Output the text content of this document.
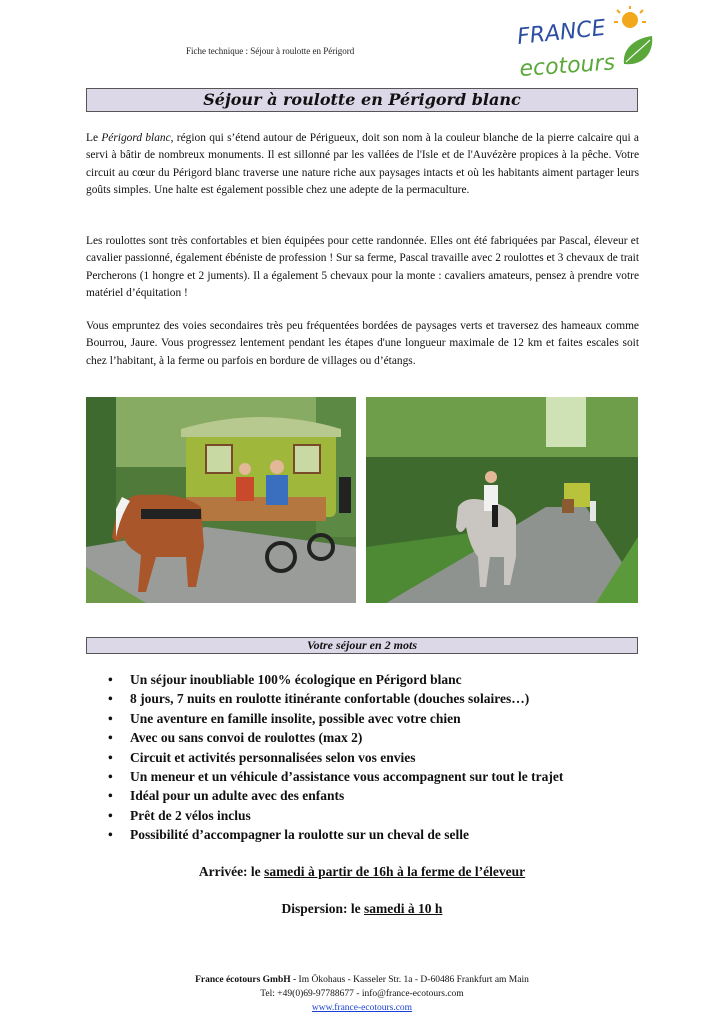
Fiche technique : Séjour à roulotte en Périgord
FRANCE
ecotours
Séjour à roulotte en Périgord blanc
Le Périgord blanc, région qui s’étend autour de Périgueux, doit son nom à la couleur blanche de la pierre calcaire qui a servi à bâtir de nombreux monuments. Il est sillonné par les vallées de l'Isle et de l'Auvézère propices à la pêche. Votre circuit au cœur du Périgord blanc traverse une nature riche aux paysages intacts et où les habitants aiment partager leurs goûts simples. Une halte est également possible chez une adepte de la permaculture.
Les roulottes sont très confortables et bien équipées pour cette randonnée. Elles ont été fabriquées par Pascal, éleveur et cavalier passionné, également ébéniste de profession ! Sur sa ferme, Pascal travaille avec 2 roulottes et 3 chevaux de trait Percherons (1 hongre et 2 juments). Il a également 5 chevaux pour la monte : cavaliers amateurs, pensez à prendre votre matériel d’équitation !
Vous empruntez des voies secondaires très peu fréquentées bordées de paysages verts et traversez des hameaux comme Bourrou, Jaure. Vous progressez lentement pendant les étapes d'une longueur maximale de 12 km et faites escales soit chez l’habitant, à la ferme ou parfois en bordure de villages ou d’étangs.
Votre séjour en 2 mots
• Un séjour inoubliable 100% écologique en Périgord blanc
• 8 jours, 7 nuits en roulotte itinérante confortable (douches solaires…)
• Une aventure en famille insolite, possible avec votre chien
• Avec ou sans convoi de roulottes (max 2)
• Circuit et activités personnalisées selon vos envies
• Un meneur et un véhicule d’assistance vous accompagnent sur tout le trajet
• Idéal pour un adulte avec des enfants
• Prêt de 2 vélos inclus
• Possibilité d’accompagner la roulotte sur un cheval de selle
Arrivée: le samedi à partir de 16h à la ferme de l’éleveur
Dispersion: le samedi à 10 h
France écotours GmbH - Im Ökohaus - Kasseler Str. 1a - D-60486 Frankfurt am Main
Tel: +49(0)69-97788677 - info@france-ecotours.com
www.france-ecotours.com
